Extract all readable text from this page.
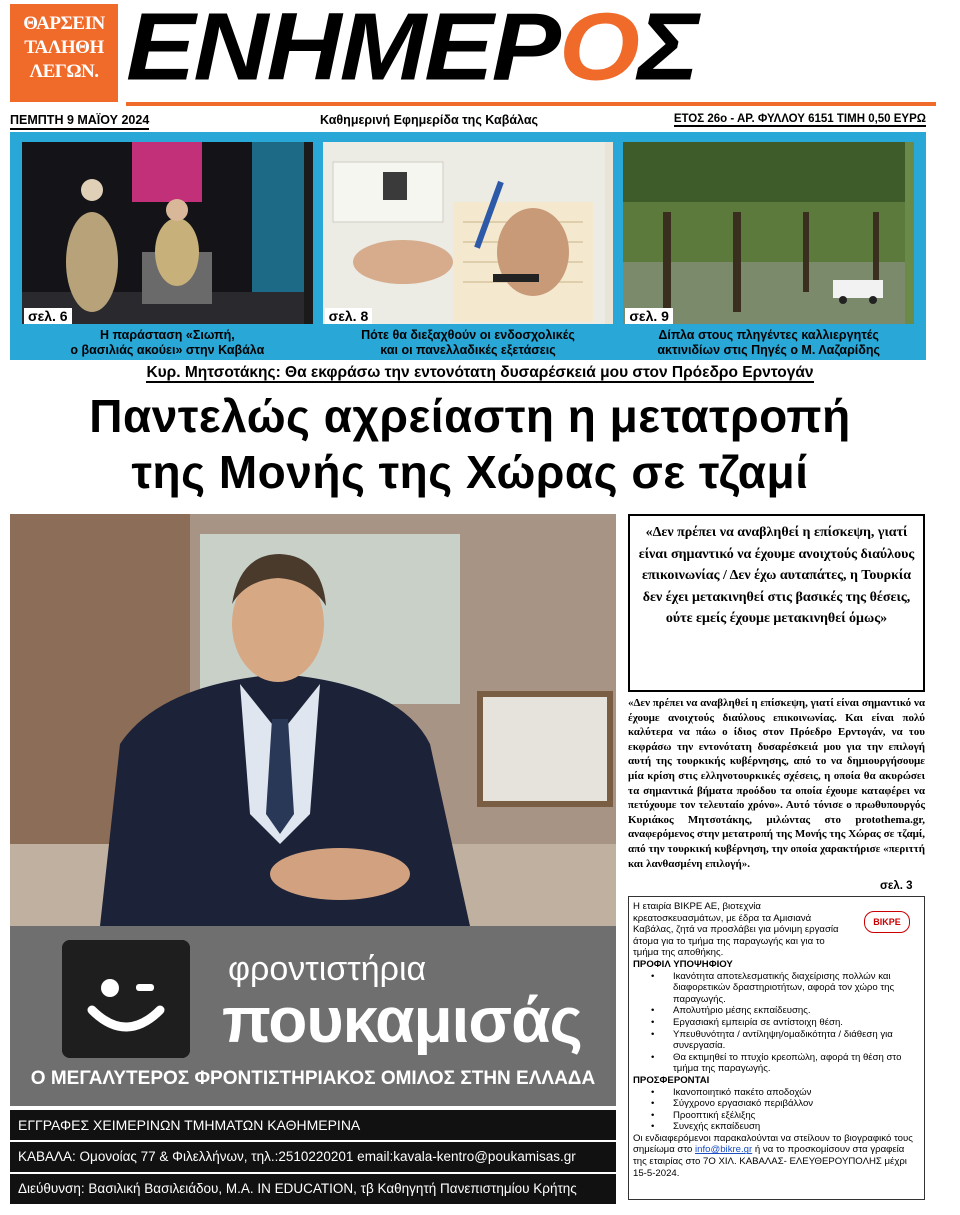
ΘΑΡΣΕΙΝ
ΤΑΛΗΘΗ
ΛΕΓΩΝ. ΕΝΗΜΕΡΟΣ
ΠΕΜΠΤΗ 9 ΜΑΪΟΥ 2024	Καθημερινή Εφημερίδα της Καβάλας	ΕΤΟΣ 26ο - ΑΡ. ΦΥΛΛΟΥ 6151 ΤΙΜΗ 0,50 ΕΥΡΩ
σελ. 6
Η παράσταση «Σιωπή,
ο βασιλιάς ακούει» στην Καβάλα
σελ. 8
Πότε θα διεξαχθούν οι ενδοσχολικές
και οι πανελλαδικές εξετάσεις
σελ. 9
Δίπλα στους πληγέντες καλλιεργητές
ακτινιδίων στις Πηγές ο Μ. Λαζαρίδης
Κυρ. Μητσοτάκης: Θα εκφράσω την εντονότατη δυσαρέσκειά μου στον Πρόεδρο Ερντογάν
Παντελώς αχρείαστη η μετατροπή
της Μονής της Χώρας σε τζαμί
«Δεν πρέπει να αναβληθεί η επίσκεψη, γιατί είναι σημαντικό να έχουμε ανοιχτούς διαύλους επικοινωνίας / Δεν έχω αυταπάτες, η Τουρκία δεν έχει μετακινηθεί στις βασικές της θέσεις, ούτε εμείς έχουμε μετακινηθεί όμως»
«Δεν πρέπει να αναβληθεί η επίσκεψη, γιατί είναι σημαντικό να έχουμε ανοιχτούς διαύλους επικοινωνίας. Και είναι πολύ καλύτερα να πάω ο ίδιος στον Πρόεδρο Ερντογάν, να του εκφράσω την εντονότατη δυσαρέσκειά μου για την επιλογή αυτή της τουρκικής κυβέρνησης, από το να δημιουργήσουμε μία κρίση στις ελληνοτουρκικές σχέσεις, η οποία θα ακυρώσει τα σημαντικά βήματα προόδου τα οποία έχουμε καταφέρει να πετύχουμε τον τελευταίο χρόνο». Αυτό τόνισε ο πρωθυπουργός Κυριάκος Μητσοτάκης, μιλώντας στο protothema.gr, αναφερόμενος στην μετατροπή της Μονής της Χώρας σε τζαμί, από την τουρκική κυβέρνηση, την οποία χαρακτήρισε «περιττή και λανθασμένη επιλογή».
σελ. 3
φροντιστήρια
πουκαμισάς
Ο ΜΕΓΑΛΥΤΕΡΟΣ ΦΡΟΝΤΙΣΤΗΡΙΑΚΟΣ ΟΜΙΛΟΣ ΣΤΗΝ ΕΛΛΑΔΑ
ΕΓΓΡΑΦΕΣ ΧΕΙΜΕΡΙΝΩΝ ΤΜΗΜΑΤΩΝ ΚΑΘΗΜΕΡΙΝΑ
ΚΑΒΑΛΑ: Ομονοίας 77 & Φιλελλήνων, τηλ.:2510220201 email:kavala-kentro@poukamisas.gr
Διεύθυνση: Βασιλική Βασιλειάδου, Μ.Α. IN EDUCATION, τβ Καθηγητή Πανεπιστημίου Κρήτης
ΒΙΚΡΕ
Η εταιρία ΒΙΚΡΕ ΑΕ, βιοτεχνία κρεατοσκευασμάτων, με έδρα τα Αμισιανά Καβάλας, ζητά να προσλάβει για μόνιμη εργασία άτομα για το τμήμα της παραγωγής και για το τμήμα της αποθήκης.
ΠΡΟΦΙΛ ΥΠΟΨΗΦΙΟΥ
• Ικανότητα αποτελεσματικής διαχείρισης πολλών και διαφορετικών δραστηριοτήτων, αφορά τον χώρο της παραγωγής.
• Απολυτήριο μέσης εκπαίδευσης.
• Εργασιακή εμπειρία σε αντίστοιχη θέση.
• Υπευθυνότητα / αντίληψη/ομαδικότητα / διάθεση για συνεργασία.
• Θα εκτιμηθεί το πτυχίο κρεοπώλη, αφορά τη θέση στο τμήμα της παραγωγής.
ΠΡΟΣΦΕΡΟΝΤΑΙ
• Ικανοποιητικό πακέτο αποδοχών
• Σύγχρονο εργασιακό περιβάλλον
• Προοπτική εξέλιξης
• Συνεχής εκπαίδευση
Οι ενδιαφερόμενοι παρακαλούνται να στείλουν το βιογραφικό τους σημείωμα στο info@bikre.gr ή να το προσκομίσουν στα γραφεία της εταιρίας στο 7Ο ΧΙΛ. ΚΑΒΑΛΑΣ- ΕΛΕΥΘΕΡΟΥΠΟΛΗΣ μέχρι 15-5-2024.
